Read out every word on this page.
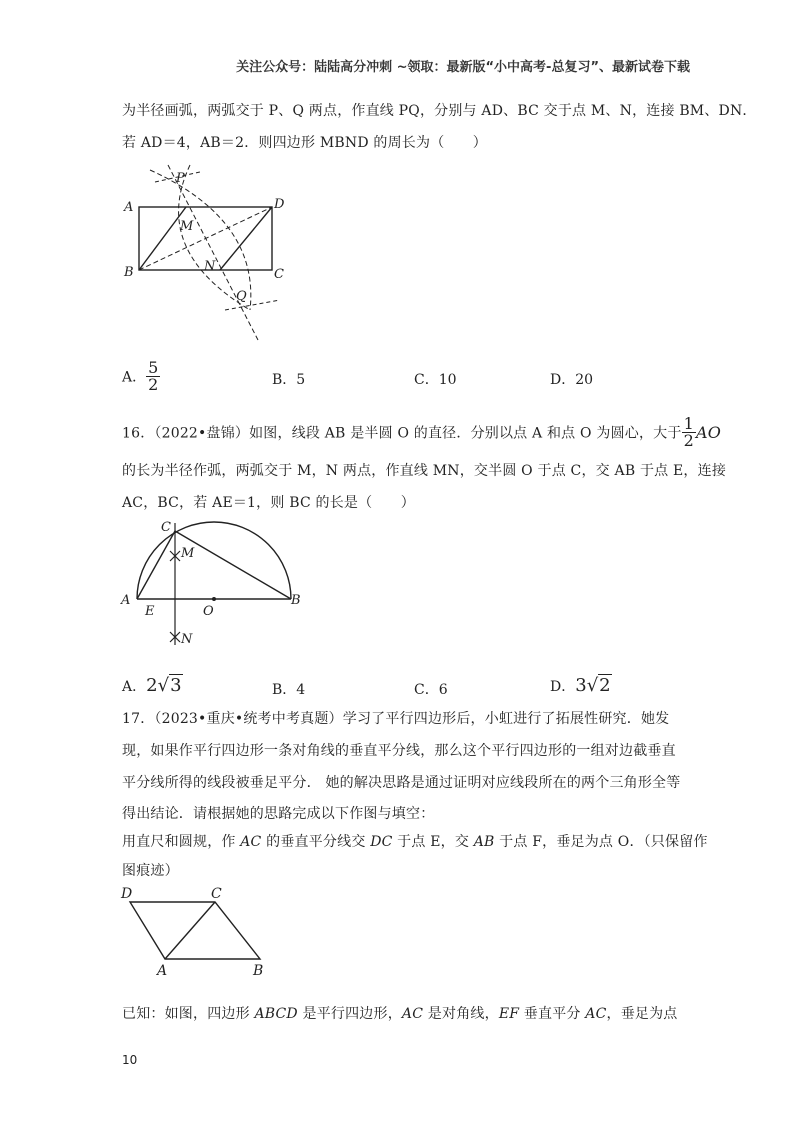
关注公众号：陆陆高分冲刺 ~领取：最新版“小中高考-总复习”、最新试卷下载
为半径画弧，两弧交于 P、Q 两点，作直线 PQ，分别与 AD、BC 交于点 M、N，连接 BM、DN．
若 AD＝4，AB＝2．则四边形 MBND 的周长为（　　）
P
A	D
M
N
B	C
Q
A． $\frac{5}{2}$	B．5	C．10	D．20
16．（2022•盘锦）如图，线段 AB 是半圆 O 的直径．分别以点 A 和点 O 为圆心，大于 $\frac{1}{2}$ AO
的长为半径作弧，两弧交于 M，N 两点，作直线 MN，交半圆 O 于点 C，交 AB 于点 E，连接
AC，BC，若 AE＝1，则 BC 的长是（　　）
C
M
A
E	O
B
N
A．2√3	B．4	C．6	D．3√2
17．（2023•重庆•统考中考真题）学习了平行四边形后，小虹进行了拓展性研究．她发
现，如果作平行四边形一条对角线的垂直平分线，那么这个平行四边形的一组对边截垂直
平分线所得的线段被垂足平分． 她的解决思路是通过证明对应线段所在的两个三角形全等
得出结论．请根据她的思路完成以下作图与填空：
用直尺和圆规，作 AC 的垂直平分线交 DC 于点 E，交 AB 于点 F，垂足为点 O．（只保留作
图痕迹）
D	C
A	B
已知：如图，四边形 ABCD 是平行四边形，AC 是对角线，EF 垂直平分 AC，垂足为点
10
